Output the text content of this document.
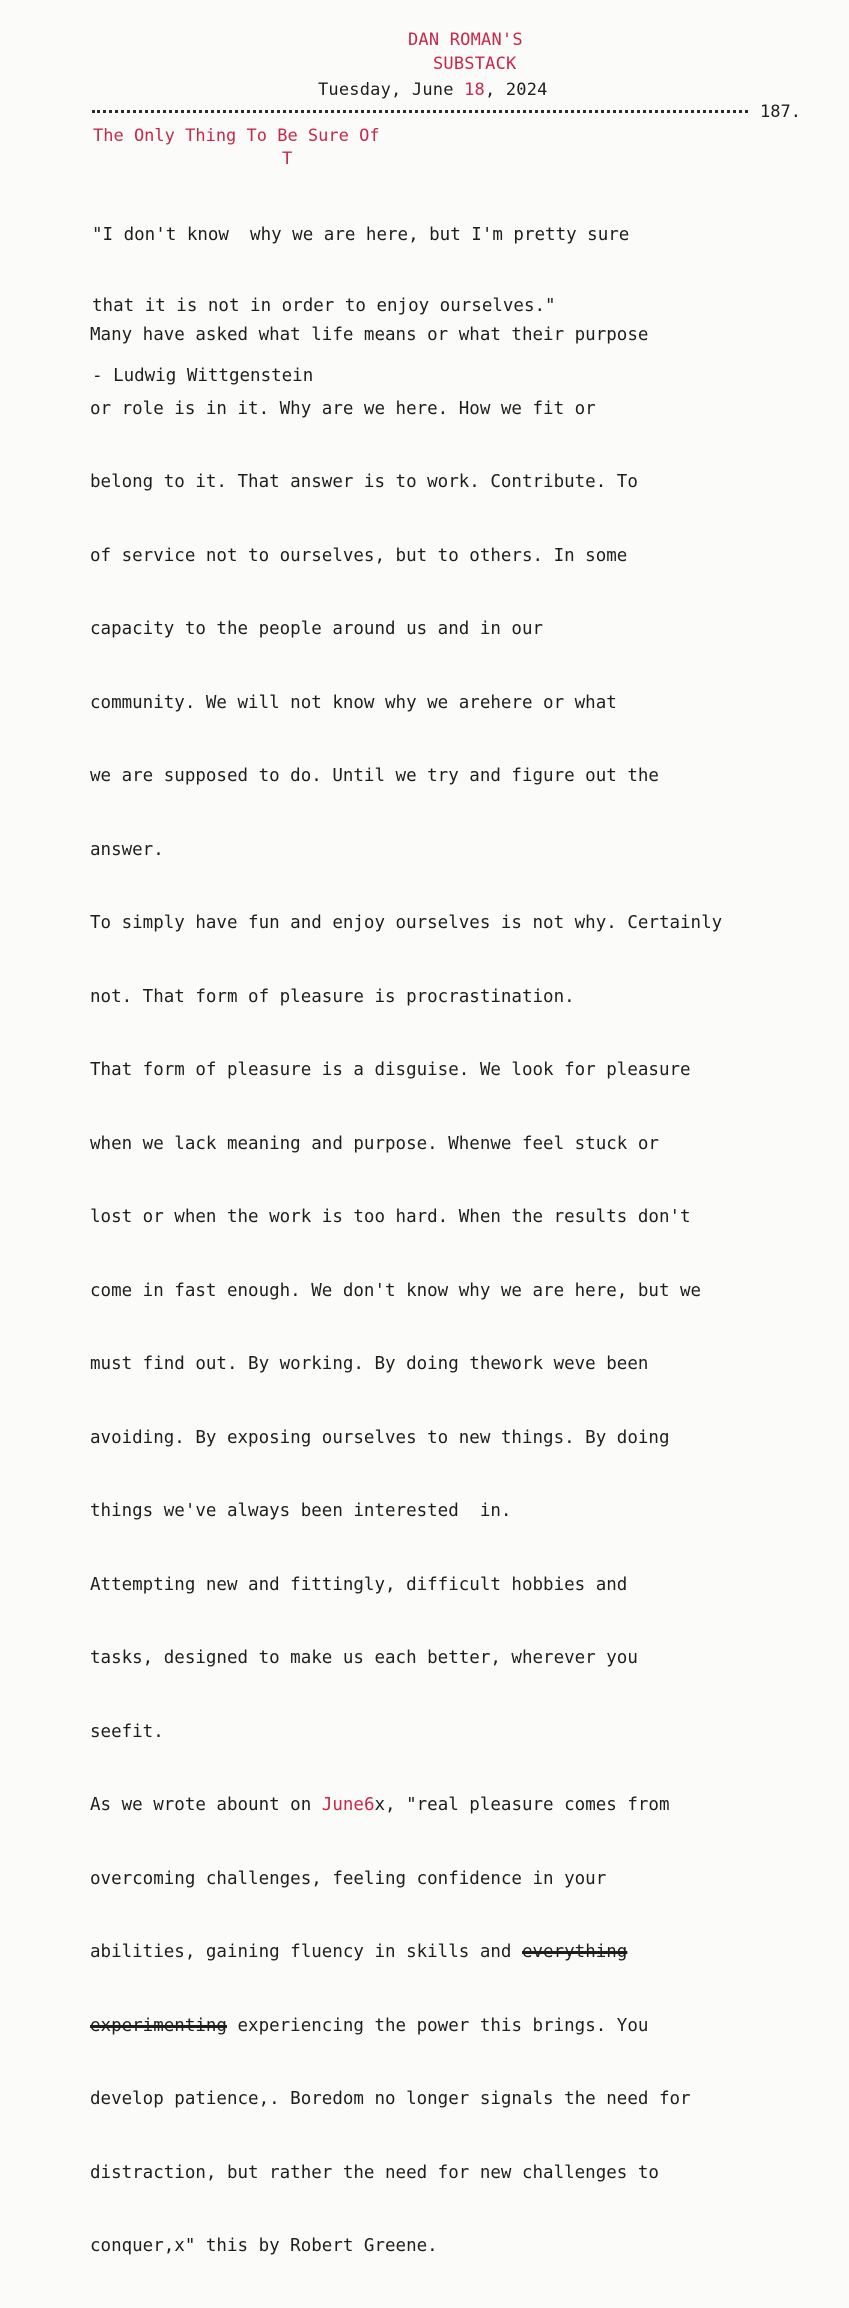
DAN ROMAN'S
SUBSTACK
Tuesday, June 18, 2024
187.
The Only Thing To Be Sure Of
T

"I don't know  why we are here, but I'm pretty sure

that it is not in order to enjoy ourselves."

- Ludwig Wittgenstein

Many have asked what life means or what their purpose

or role is in it. Why are we here. How we fit or

belong to it. That answer is to work. Contribute. To

of service not to ourselves, but to others. In some

capacity to the people around us and in our

community. We will not know why we arehere or what

we are supposed to do. Until we try and figure out the

answer.

To simply have fun and enjoy ourselves is not why. Certainly

not. That form of pleasure is procrastination.

That form of pleasure is a disguise. We look for pleasure

when we lack meaning and purpose. Whenwe feel stuck or

lost or when the work is too hard. When the results don't

come in fast enough. We don't know why we are here, but we

must find out. By working. By doing thework weve been

avoiding. By exposing ourselves to new things. By doing

things we've always been interested  in.

Attempting new and fittingly, difficult hobbies and

tasks, designed to make us each better, wherever you

seefit.

As we wrote abount on June6x, "real pleasure comes from

overcoming challenges, feeling confidence in your

abilities, gaining fluency in skills and everything

experimenting experiencing the power this brings. You

develop patience,. Boredom no longer signals the need for

distraction, but rather the need for new challenges to

conquer,x" this by Robert Greene.
